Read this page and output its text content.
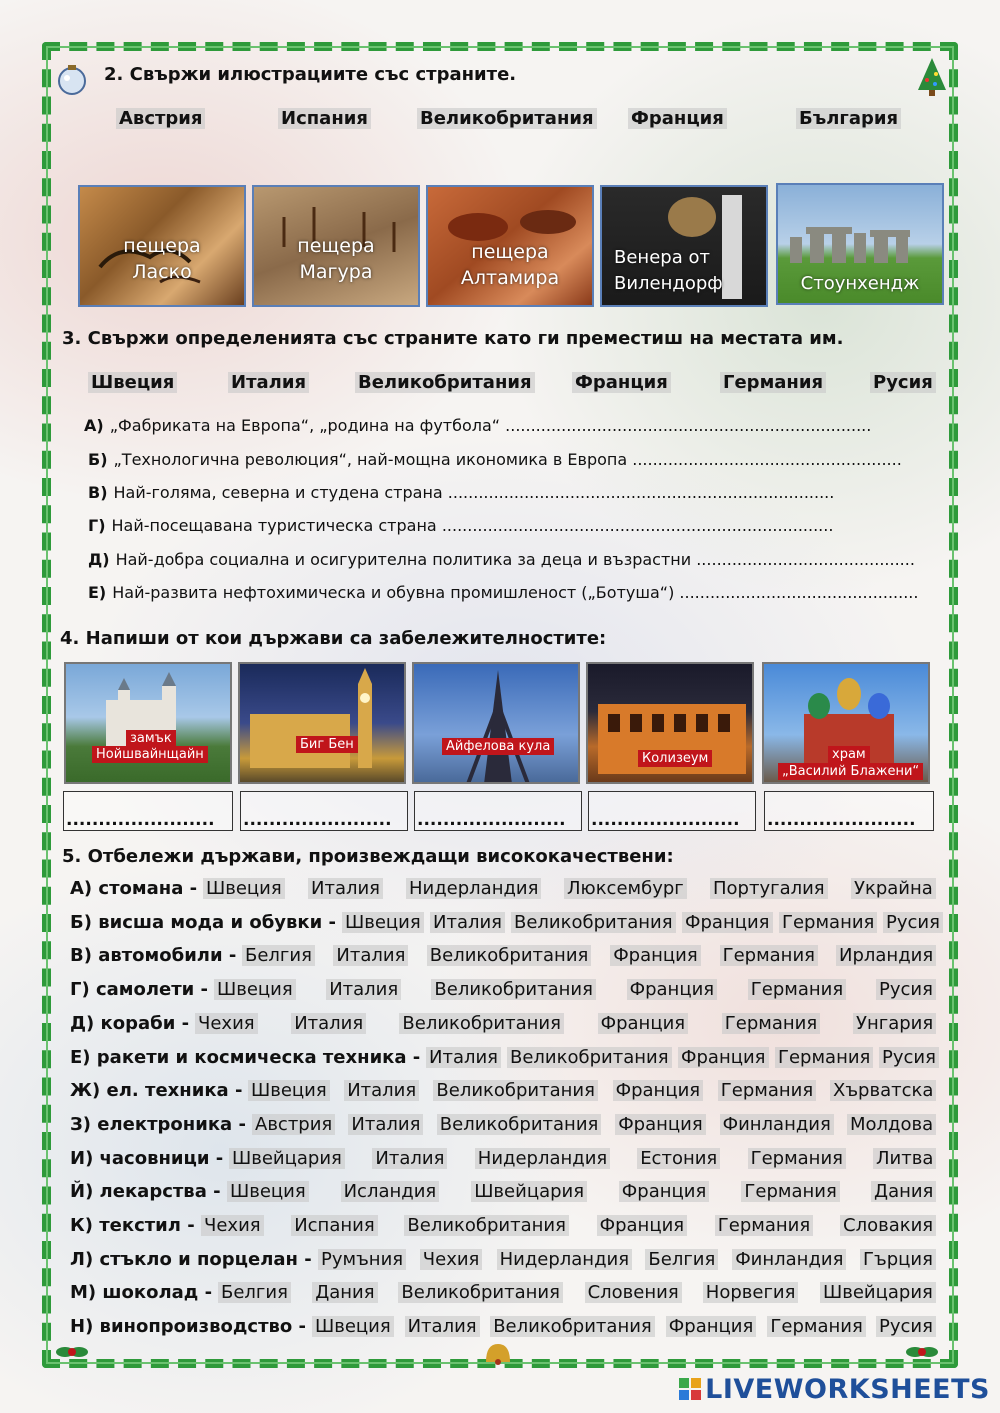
2. Свържи илюстрациите със страните.
Австрия	Испания	Великобритания Франция	България
пещера
Ласко
пещера
Магура
пещера
Алтамира
Венера от
Вилендорф	Стоунхендж
3. Свържи определенията със страните като ги преместиш на местата им.
Швеция	Италия	Великобритания Франция	Германия	Русия
А) „Фабриката на Европа“, „родина на футбола“ ........................................................................
Б) „Технологична революция“, най-мощна икономика в Европа .....................................................
В) Най-голяма, северна и студена страна ............................................................................
Г) Най-посещавана туристическа страна .............................................................................
Д) Най-добра социална и осигурителна политика за деца и възрастни ...........................................
Е) Най-развита нефтохимическа и обувна промишленост („Ботуша“) ...............................................
4. Напиши от кои държави са забележителностите:
замък
Нойшвайнщайн
Биг Бен	Айфелова кула
Колизеум	храм
„Василий Блажени“
.......................	.......................	.......................	.......................	.......................
5. Отбележи държави, произвеждащи висококачествени:
А) стомана - Швеция Италия Нидерландия Люксембург Португалия Украйна
Б) висша мода и обувки - Швеция Италия Великобритания Франция Германия Русия
В) автомобили - Белгия Италия Великобритания Франция Германия Ирландия
Г) самолети - Швеция Италия Великобритания Франция Германия Русия
Д) кораби - Чехия Италия Великобритания Франция Германия Унгария
Е) ракети и космическа техника - Италия Великобритания Франция Германия Русия
Ж) ел. техника - Швеция Италия Великобритания Франция Германия Хърватска
З) електроника - Австрия Италия Великобритания Франция Финландия Молдова
И) часовници - Швейцария Италия Нидерландия Естония Германия Литва
Й) лекарства - Швеция Исландия Швейцария Франция Германия Дания
К) текстил - Чехия Испания Великобритания Франция Германия Словакия
Л) стъкло и порцелан - Румъния Чехия Нидерландия Белгия Финландия Гърция
М) шоколад - Белгия Дания Великобритания Словения Норвегия Швейцария
Н) винопроизводство - Швеция Италия Великобритания Франция Германия Русия
LIVEWORKSHEETS
